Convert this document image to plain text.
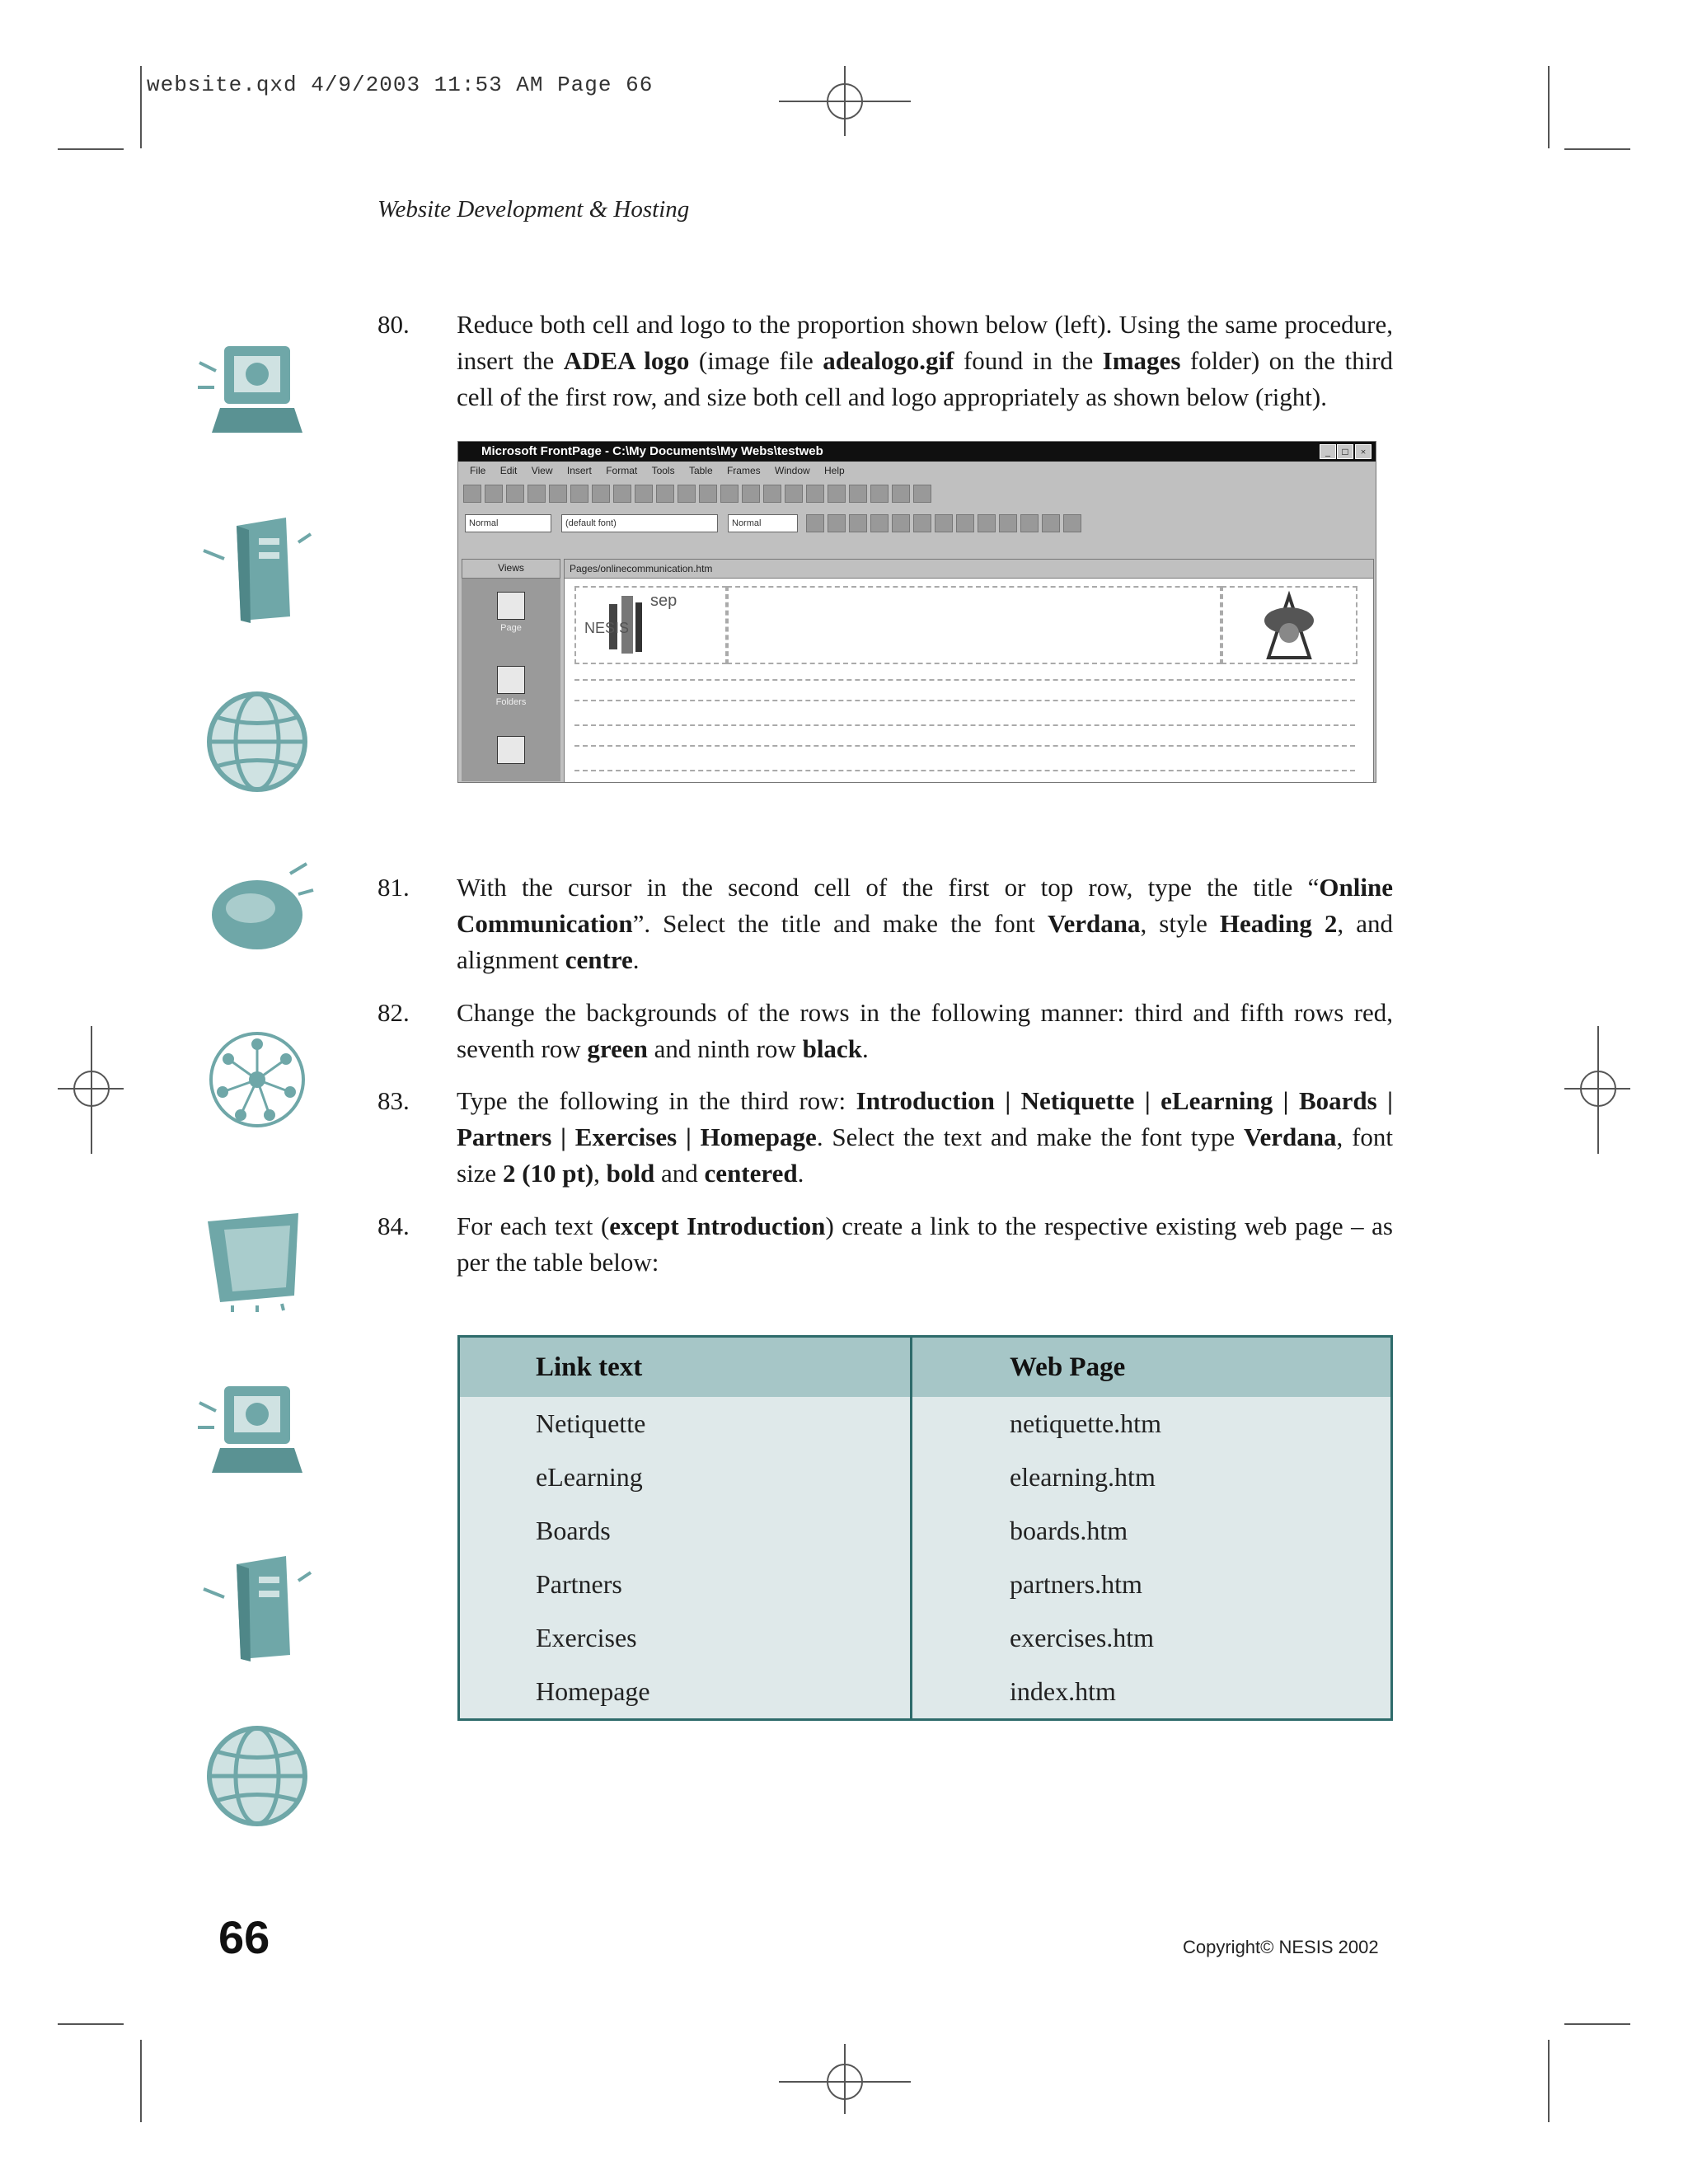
website.qxd 4/9/2003 11:53 AM Page 66
Website Development & Hosting
80.	Reduce both cell and logo to the proportion shown below (left). Using the same procedure, insert the ADEA logo (image file adealogo.gif found in the Images folder) on the third cell of the first row, and size both cell and logo appropriately as shown below (right).
Microsoft FrontPage - C:\My Documents\My Webs\testweb	_	□	×
File Edit View Insert Format Tools Table Frames Window Help
Normal	(default font)	Normal
Views
Page
Folders
Pages/onlinecommunication.htm
sep
NESIS
81.	With the cursor in the second cell of the first or top row, type the title “Online Communication”. Select the title and make the font Verdana, style Heading 2, and alignment centre.
82.	Change the backgrounds of the rows in the following manner: third and fifth rows red, seventh row green and ninth row black.
83.	Type the following in the third row: Introduction | Netiquette | eLearning | Boards | Partners | Exercises | Homepage. Select the text and make the font type Verdana, font size 2 (10 pt), bold and centered.
84.	For each text (except Introduction) create a link to the respective existing web page – as per the table below:
Link text	Web Page
Netiquette	netiquette.htm
eLearning	elearning.htm
Boards	boards.htm
Partners	partners.htm
Exercises	exercises.htm
Homepage	index.htm
66	Copyright© NESIS 2002
